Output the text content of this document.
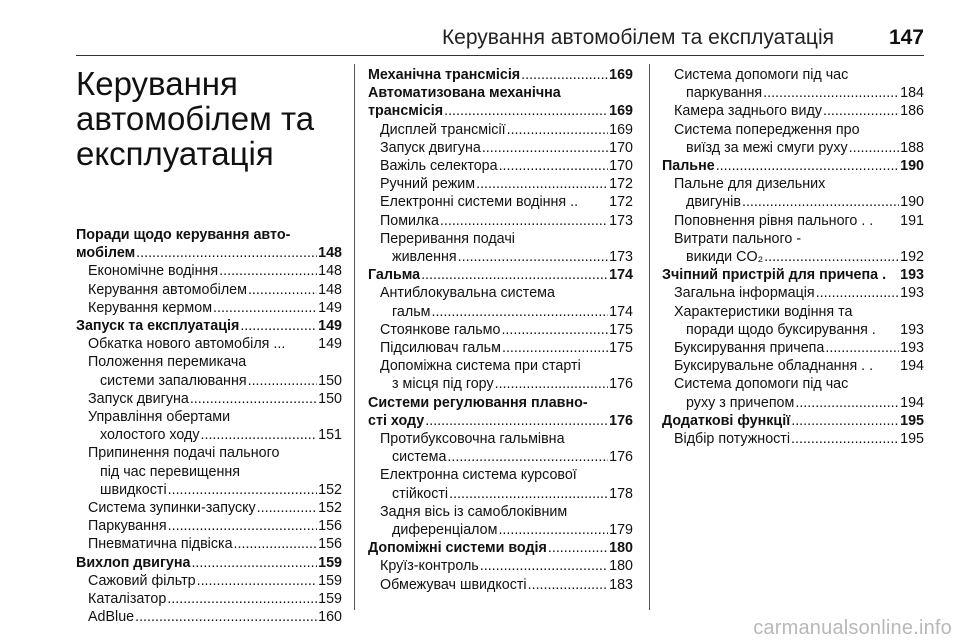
Керування автомобілем та експлуатація	147
Керування
автомобілем та
експлуатація
Поради щодо керування авто-
мобілем .....	148
Економічне водіння .....	148
Керування автомобілем .....	148
Керування кермом .....	149
Запуск та експлуатація .....	149
Обкатка нового автомобіля ... 149
Положення перемикача
системи запалювання .....	150
Запуск двигуна .....	150
Управління обертами
холостого ходу .....	151
Припинення подачі пального
під час перевищення
швидкості .....	152
Система зупинки-запуску .....	152
Паркування .....	156
Пневматична підвіска .....	156
Вихлоп двигуна .....	159
Сажовий фільтр .....	159
Каталізатор .....	159
AdBlue .....	160
Механічна трансмісія .....	169
Автоматизована механічна
трансмісія .....	169
Дисплей трансмісії .....	169
Запуск двигуна .....	170
Важіль селектора .....	170
Ручний режим .....	172
Електронні системи водіння .. 172
Помилка .....	173
Переривання подачі
живлення .....	173
Гальма .....	174
Антиблокувальна система
гальм .....	174
Стоянкове гальмо .....	175
Підсилювач гальм .....	175
Допоміжна система при старті
з місця під гору .....	176
Системи регулювання плавно-
сті ходу .....	176
Протибуксовочна гальмівна
система .....	176
Електронна система курсової
стійкості .....	178
Задня вісь із самоблоківним
диференціалом .....	179
Допоміжні системи водія .....	180
Круїз-контроль .....	180
Обмежувач швидкості .....	183
Система допомоги під час
паркування .....	184
Камера заднього виду .....	186
Система попередження про
виїзд за межі смуги руху .....	188
Пальне .....	190
Пальне для дизельних
двигунів .....	190
Поповнення рівня пального . . 191
Витрати пального -
викиди CO₂ .....	192
Зчіпний пристрій для причепа . 193
Загальна інформація .....	193
Характеристики водіння та
поради щодо буксирування . 193
Буксирування причепа .....	193
Буксирувальне обладнання . . 194
Система допомоги під час
руху з причепом .....	194
Додаткові функції .....	195
Відбір потужності .....	195
carmanualsonline.info
